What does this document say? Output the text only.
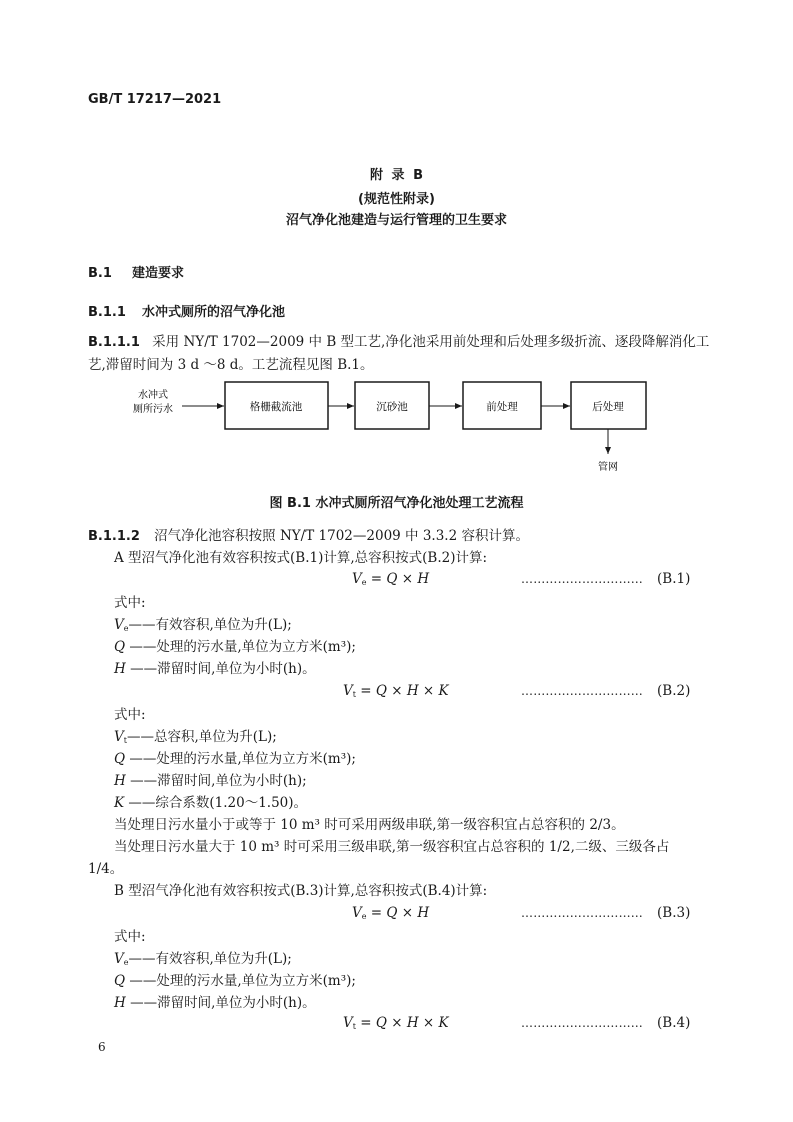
GB/T 17217—2021
附 录 B
(规范性附录)
沼气净化池建造与运行管理的卫生要求
B.1 建造要求
B.1.1 水冲式厕所的沼气净化池
B.1.1.1 采用 NY/T 1702—2009 中 B 型工艺,净化池采用前处理和后处理多级折流、逐段降解消化工
艺,滞留时间为 3 d ～8 d。工艺流程见图 B.1。
水冲式
厕所污水	格栅截流池	沉砂池	前处理	后处理
管网
图 B.1 水冲式厕所沼气净化池处理工艺流程
B.1.1.2 沼气净化池容积按照 NY/T 1702—2009 中 3.3.2 容积计算。
A 型沼气净化池有效容积按式(B.1)计算,总容积按式(B.2)计算:
$V_e = Q \times H$	………………………… (B.1)
式中:
$V_e——$有效容积,单位为升(L);
Q ——处理的污水量,单位为立方米(m³);
H ——滞留时间,单位为小时(h)。
$V_t = Q \times H \times K$	………………………… (B.2)
式中:
$V_t——$总容积,单位为升(L);
Q ——处理的污水量,单位为立方米(m³);
H ——滞留时间,单位为小时(h);
K ——综合系数(1.20～1.50)。
当处理日污水量小于或等于 10 m³ 时可采用两级串联,第一级容积宜占总容积的 2/3。
当处理日污水量大于 10 m³ 时可采用三级串联,第一级容积宜占总容积的 1/2,二级、三级各占
1/4。
B 型沼气净化池有效容积按式(B.3)计算,总容积按式(B.4)计算:
$V_e = Q \times H$	………………………… (B.3)
式中:
$V_e——$有效容积,单位为升(L);
Q ——处理的污水量,单位为立方米(m³);
H ——滞留时间,单位为小时(h)。
$V_t = Q \times H \times K$	………………………… (B.4)
6
